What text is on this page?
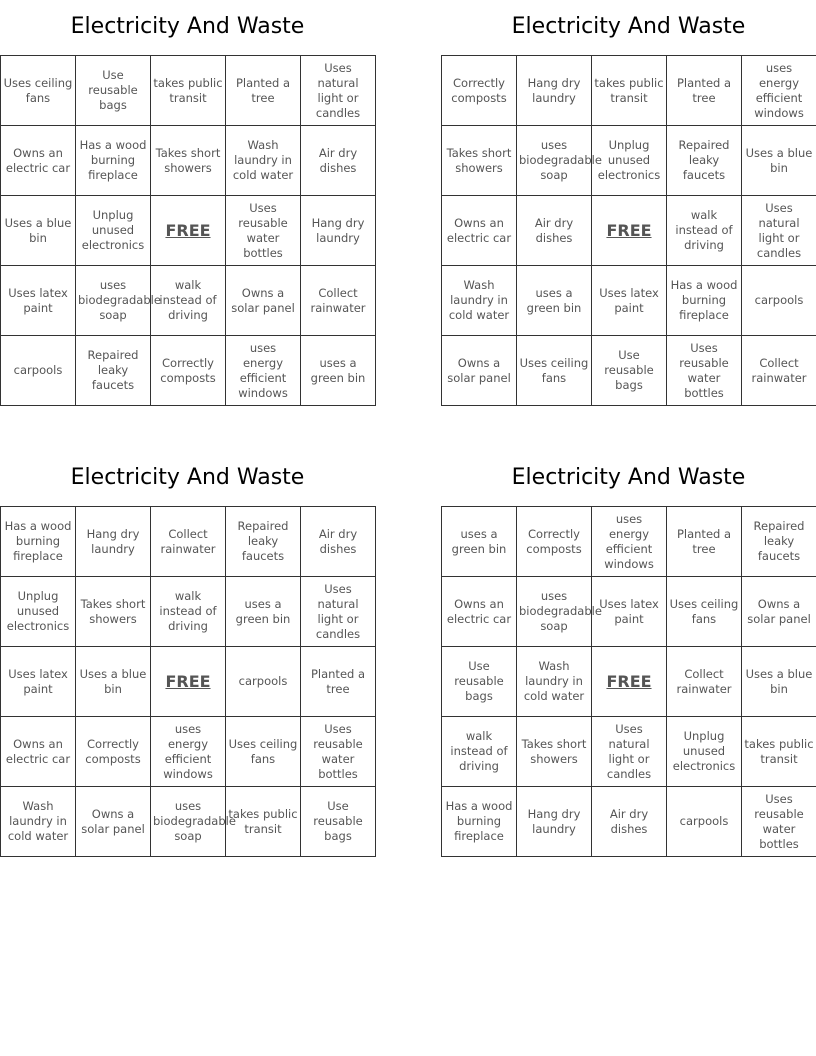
Electricity And Waste
Uses ceiling fans	Use reusable bags	takes public transit	Planted a tree	Uses natural light or candles
Owns an electric car	Has a wood burning fireplace	Takes short showers	Wash laundry in cold water	Air dry dishes
Uses a blue bin	Unplug unused electronics	FREE	Uses reusable water bottles	Hang dry laundry
Uses latex paint	uses biodegradable soap	walk instead of driving	Owns a solar panel	Collect rainwater
carpools	Repaired leaky faucets	Correctly composts	uses energy efficient windows	uses a green bin
Electricity And Waste
Correctly composts	Hang dry laundry	takes public transit	Planted a tree	uses energy efficient windows
Takes short showers	uses biodegradable soap	Unplug unused electronics	Repaired leaky faucets	Uses a blue bin
Owns an electric car	Air dry dishes	FREE	walk instead of driving	Uses natural light or candles
Wash laundry in cold water	uses a green bin	Uses latex paint	Has a wood burning fireplace	carpools
Owns a solar panel	Uses ceiling fans	Use reusable bags	Uses reusable water bottles	Collect rainwater
Electricity And Waste
Has a wood burning fireplace	Hang dry laundry	Collect rainwater	Repaired leaky faucets	Air dry dishes
Unplug unused electronics	Takes short showers	walk instead of driving	uses a green bin	Uses natural light or candles
Uses latex paint	Uses a blue bin	FREE	carpools	Planted a tree
Owns an electric car	Correctly composts	uses energy efficient windows	Uses ceiling fans	Uses reusable water bottles
Wash laundry in cold water	Owns a solar panel	uses biodegradable soap	takes public transit	Use reusable bags
Electricity And Waste
uses a green bin	Correctly composts	uses energy efficient windows	Planted a tree	Repaired leaky faucets
Owns an electric car	uses biodegradable soap	Uses latex paint	Uses ceiling fans	Owns a solar panel
Use reusable bags	Wash laundry in cold water	FREE	Collect rainwater	Uses a blue bin
walk instead of driving	Takes short showers	Uses natural light or candles	Unplug unused electronics	takes public transit
Has a wood burning fireplace	Hang dry laundry	Air dry dishes	carpools	Uses reusable water bottles
